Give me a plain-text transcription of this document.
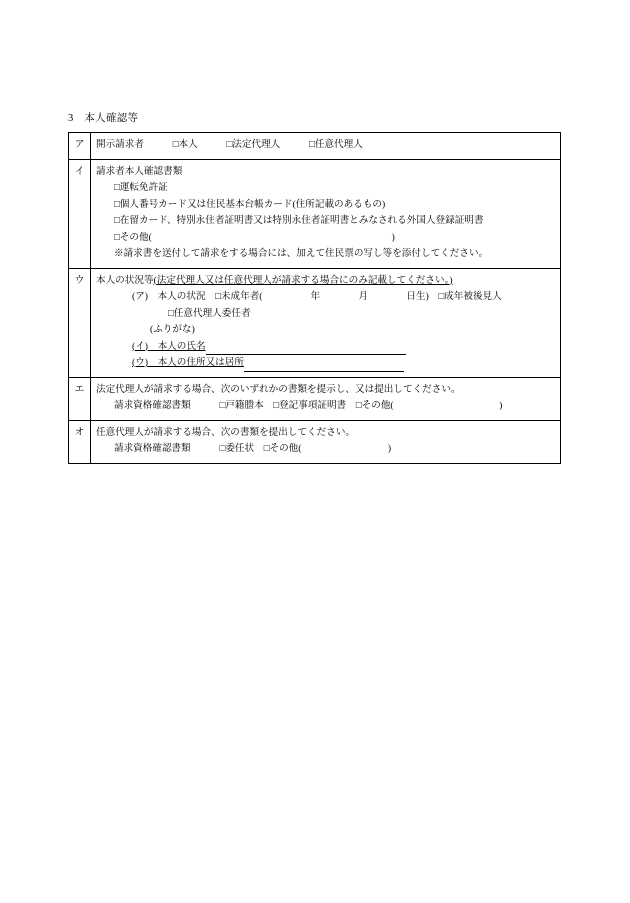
3　本人確認等
ア	開示請求者　　　□本人　　　□法定代理人　　　□任意代理人

イ	請求者本人確認書類
□運転免許証
□個人番号カード又は住民基本台帳カード(住所記載のあるもの)
□在留カード、特別永住者証明書又は特別永住者証明書とみなされる外国人登録証明書
□その他(　　　　　　　　　　　　　　　　　　　　　　　　　)
※請求書を送付して請求をする場合には、加えて住民票の写し等を添付してください。

ウ	本人の状況等(法定代理人又は任意代理人が請求する場合にのみ記載してください。)
(ア)　本人の状況　□未成年者(　　　　　年　　　　月　　　　日生)　□成年被後見人
□任意代理人委任者
(ふりがな)
(イ)　本人の氏名
(ウ)　本人の住所又は居所

エ	法定代理人が請求する場合、次のいずれかの書類を提示し、又は提出してください。
請求資格確認書類　　　□戸籍謄本　□登記事項証明書　□その他(　　　　　　　　　　　)

オ	任意代理人が請求する場合、次の書類を提出してください。
請求資格確認書類　　　□委任状　□その他(　　　　　　　　　)
